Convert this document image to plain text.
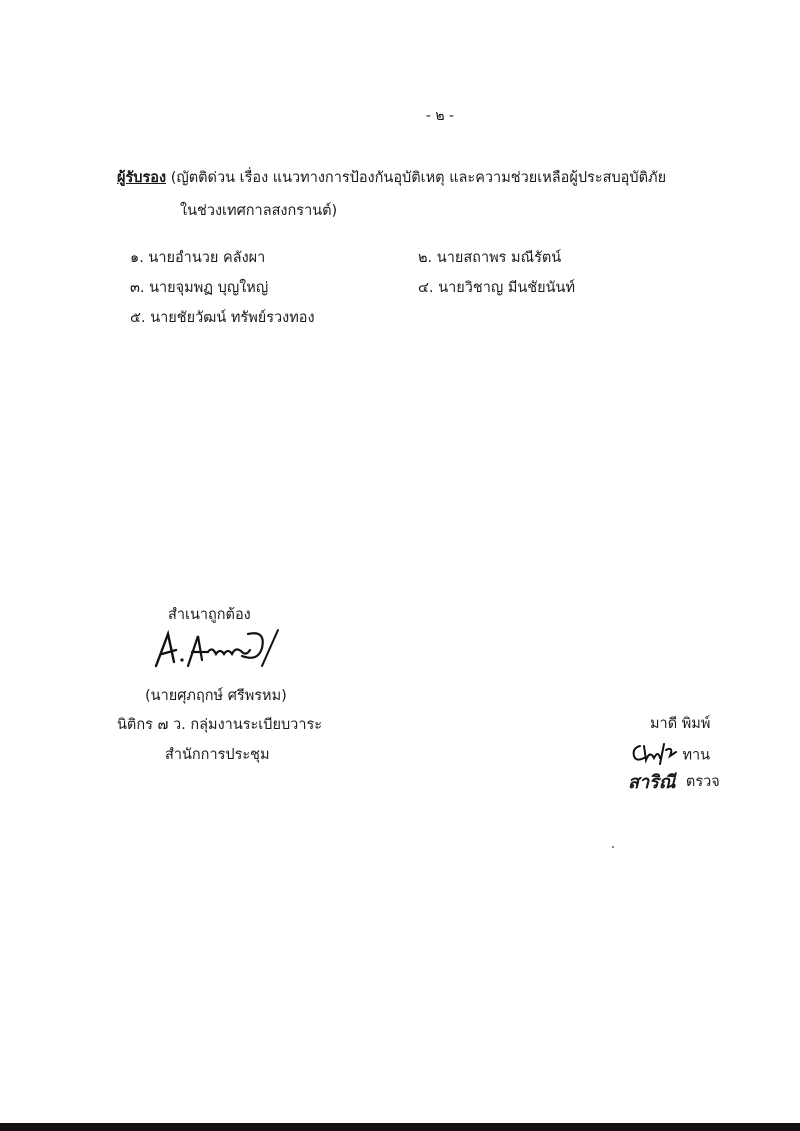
- ๒ -
ผู้รับรอง (ญัตติด่วน เรื่อง แนวทางการป้องกันอุบัติเหตุ และความช่วยเหลือผู้ประสบอุบัติภัย
ในช่วงเทศกาลสงกรานต์)
๑. นายอำนวย คลังผา	๒. นายสถาพร มณีรัตน์
๓. นายจุมพฏ บุญใหญ่	๔. นายวิชาญ มีนชัยนันท์
๕. นายชัยวัฒน์ ทรัพย์รวงทอง
สำเนาถูกต้อง
(นายศุภฤกษ์ ศรีพรหม)
นิติกร ๗ ว. กลุ่มงานระเบียบวาระ
สำนักการประชุม
มาดี พิมพ์
ทาน
สาริณี ตรวจ
